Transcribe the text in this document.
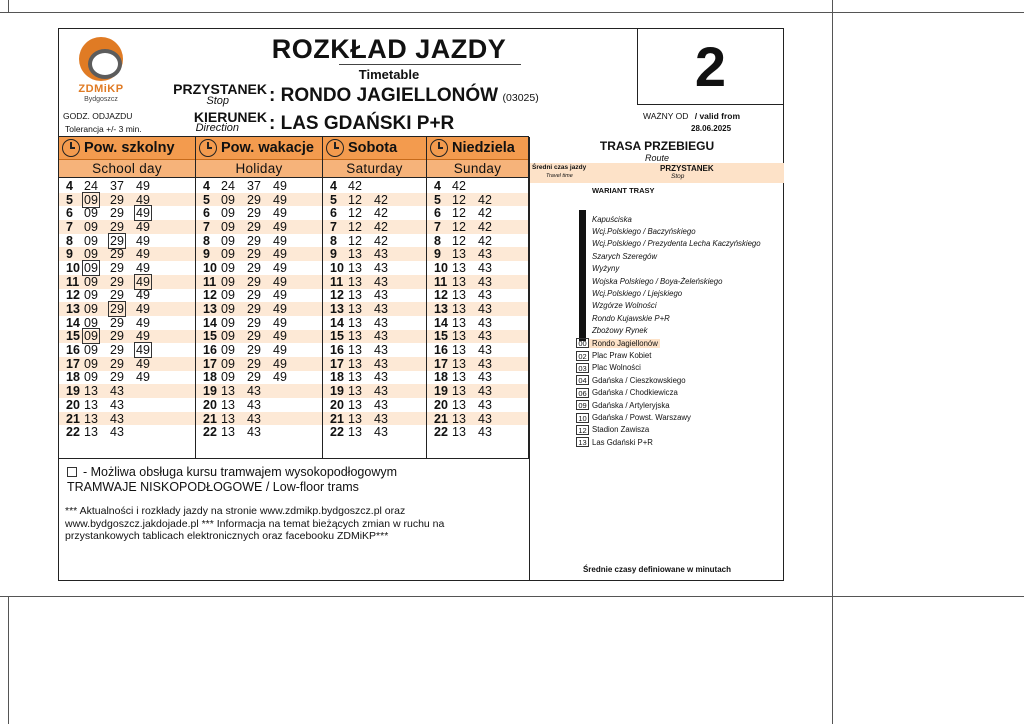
ZDMiKP
Bydgoszcz
ROZKŁAD JAZDY
Timetable	2
PRZYSTANEK
Stop : RONDO JAGIELLONÓW (03025)
GODZ. ODJAZDU
Tolerancja +/- 3 min.
KIERUNEK
Direction : LAS GDAŃSKI P+R	WAŻNY OD / valid from
28.06.2025
Pow. szkolny
School day
4 24 37 49
5 09 29 49
6 09 29 49
7 09 29 49
8 09 29 49
9 09 29 49
10 09 29 49
11 09 29 49
12 09 29 49
13 09 29 49
14 09 29 49
15 09 29 49
16 09 29 49
17 09 29 49
18 09 29 49
19 13 43
20 13 43
21 13 43
22 13 43
Pow. wakacje
Holiday
4 24 37 49
5 09 29 49
6 09 29 49
7 09 29 49
8 09 29 49
9 09 29 49
10 09 29 49
11 09 29 49
12 09 29 49
13 09 29 49
14 09 29 49
15 09 29 49
16 09 29 49
17 09 29 49
18 09 29 49
19 13 43
20 13 43
21 13 43
22 13 43
Sobota
Saturday
4 42
5 12 42
6 12 42
7 12 42
8 12 42
9 13 43
10 13 43
11 13 43
12 13 43
13 13 43
14 13 43
15 13 43
16 13 43
17 13 43
18 13 43
19 13 43
20 13 43
21 13 43
22 13 43
Niedziela
Sunday
4 42
5 12 42
6 12 42
7 12 42
8 12 42
9 13 43
10 13 43
11 13 43
12 13 43
13 13 43
14 13 43
15 13 43
16 13 43
17 13 43
18 13 43
19 13 43
20 13 43
21 13 43
22 13 43
- Możliwa obsługa kursu tramwajem wysokopodłogowym
TRAMWAJE NISKOPODŁOGOWE / Low-floor trams
*** Aktualności i rozkłady jazdy na stronie www.zdmikp.bydgoszcz.pl oraz www.bydgoszcz.jakdojade.pl *** Informacja na temat bieżących zmian w ruchu na przystankowych tablicach elektronicznych oraz facebooku ZDMiKP***
TRASA PRZEBIEGU
Route
Średni czas jazdy
Travel time
PRZYSTANEK
Stop
WARIANT TRASY
Kapuściska
Wcj.Polskiego / Baczyńskiego
Wcj.Polskiego / Prezydenta Lecha Kaczyńskiego
Szarych Szeregów
Wyżyny
Wojska Polskiego / Boya-Żeleńskiego
Wcj.Polskiego / Ljejskiego
Wzgórze Wolności
Rondo Kujawskie P+R
Zbożowy Rynek
00 Rondo Jagiellonów
02 Plac Praw Kobiet
03 Plac Wolności
04 Gdańska / Cieszkowskiego
06 Gdańska / Chodkiewicza
09 Gdańska / Artyleryjska
10 Gdańska / Powst. Warszawy
12 Stadion Zawisza
13 Las Gdański P+R
Średnie czasy definiowane w minutach
